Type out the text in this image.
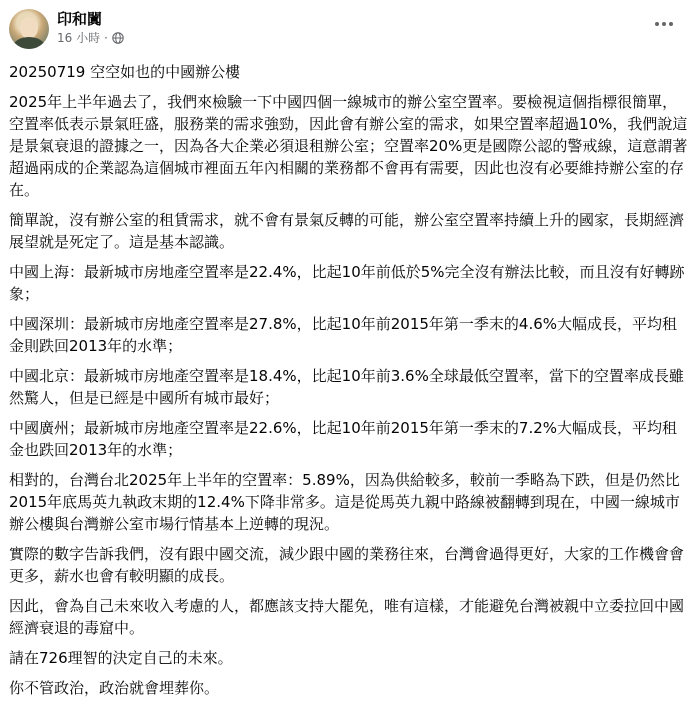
印和闐
16 小時 ·

20250719 空空如也的中國辦公樓

2025年上半年過去了，我們來檢驗一下中國四個一線城市的辦公室空置率。要檢視這個指標很簡單，空置率低表示景氣旺盛，服務業的需求強勁，因此會有辦公室的需求，如果空置率超過10%，我們說這是景氣衰退的證據之一，因為各大企業必須退租辦公室；空置率20%更是國際公認的警戒線，這意謂著超過兩成的企業認為這個城市裡面五年內相關的業務都不會再有需要，因此也沒有必要維持辦公室的存在。

簡單說，沒有辦公室的租賃需求，就不會有景氣反轉的可能，辦公室空置率持續上升的國家，長期經濟展望就是死定了。這是基本認識。

中國上海：最新城市房地產空置率是22.4%，比起10年前低於5%完全沒有辦法比較，而且沒有好轉跡象；

中國深圳：最新城市房地產空置率是27.8%，比起10年前2015年第一季末的4.6%大幅成長，平均租金則跌回2013年的水準；

中國北京：最新城市房地產空置率是18.4%，比起10年前3.6%全球最低空置率，當下的空置率成長雖然驚人，但是已經是中國所有城市最好；

中國廣州；最新城市房地產空置率是22.6%，比起10年前2015年第一季末的7.2%大幅成長，平均租金也跌回2013年的水準；

相對的，台灣台北2025年上半年的空置率：5.89%，因為供給較多，較前一季略為下跌，但是仍然比2015年底馬英九執政末期的12.4%下降非常多。這是從馬英九親中路線被翻轉到現在，中國一線城市辦公樓與台灣辦公室市場行情基本上逆轉的現況。

實際的數字告訴我們，沒有跟中國交流，減少跟中國的業務往來，台灣會過得更好，大家的工作機會會更多，薪水也會有較明顯的成長。

因此，會為自己未來收入考慮的人，都應該支持大罷免，唯有這樣，才能避免台灣被親中立委拉回中國經濟衰退的毒窟中。

請在726理智的決定自己的未來。

你不管政治，政治就會埋葬你。
